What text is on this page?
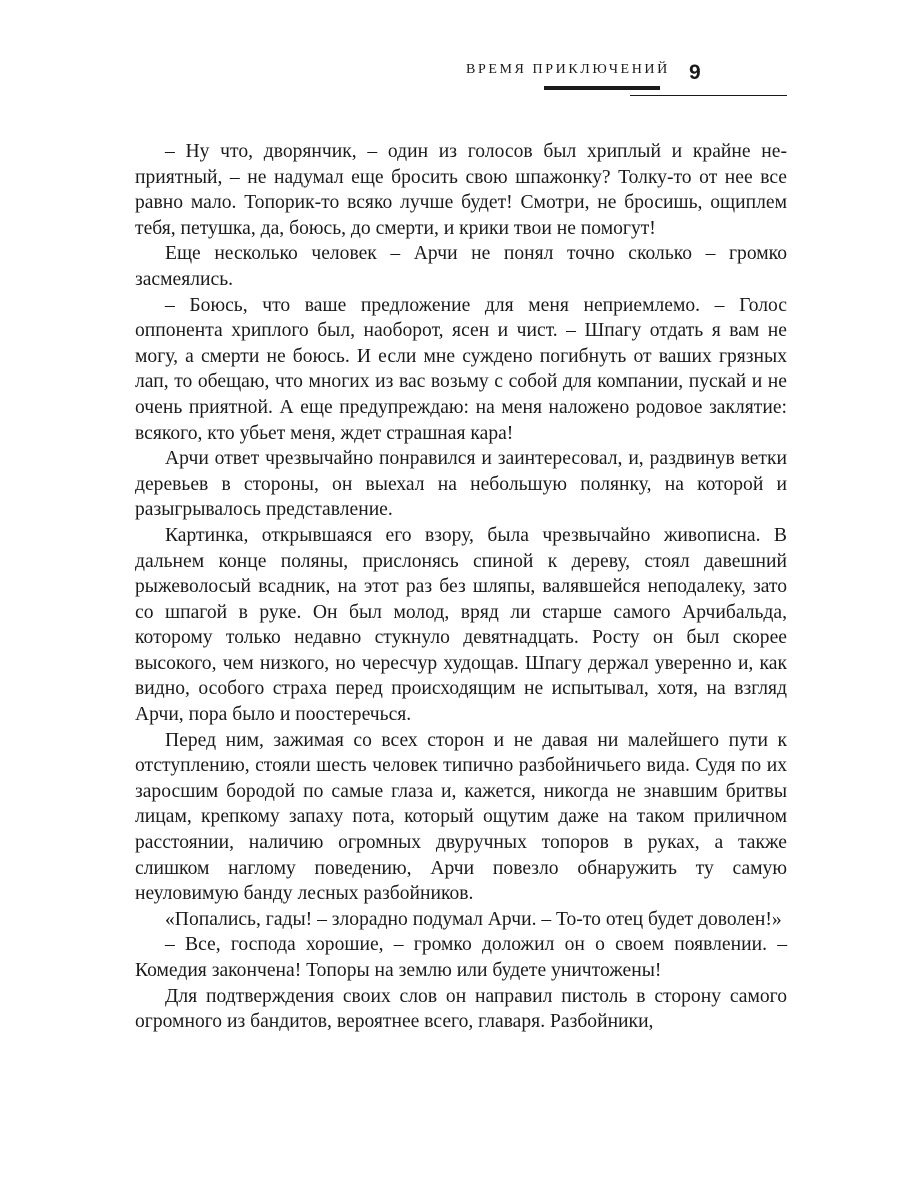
ВРЕМЯ ПРИКЛЮЧЕНИЙ 9

– Ну что, дворянчик, – один из голосов был хриплый и крайне неприятный, – не надумал еще бросить свою шпажонку? Толку-то от нее все равно мало. Топорик-то всяко лучше будет! Смотри, не бросишь, ощиплем тебя, петушка, да, боюсь, до смерти, и крики твои не помогут!

Еще несколько человек – Арчи не понял точно сколько – громко засмеялись.

– Боюсь, что ваше предложение для меня неприемлемо. – Голос оппонента хриплого был, наоборот, ясен и чист. – Шпагу отдать я вам не могу, а смерти не боюсь. И если мне суждено погибнуть от ваших грязных лап, то обещаю, что многих из вас возьму с собой для компании, пускай и не очень приятной. А еще предупреждаю: на меня наложено родовое заклятие: всякого, кто убьет меня, ждет страшная кара!

Арчи ответ чрезвычайно понравился и заинтересовал, и, раздвинув ветки деревьев в стороны, он выехал на небольшую полянку, на которой и разыгрывалось представление.

Картинка, открывшаяся его взору, была чрезвычайно живописна. В дальнем конце поляны, прислонясь спиной к дереву, стоял давешний рыжеволосый всадник, на этот раз без шляпы, валявшейся неподалеку, зато со шпагой в руке. Он был молод, вряд ли старше самого Арчибальда, которому только недавно стукнуло девятнадцать. Росту он был скорее высокого, чем низкого, но чересчур худощав. Шпагу держал уверенно и, как видно, особого страха перед происходящим не испытывал, хотя, на взгляд Арчи, пора было и поостеречься.

Перед ним, зажимая со всех сторон и не давая ни малейшего пути к отступлению, стояли шесть человек типично разбойничьего вида. Судя по их заросшим бородой по самые глаза и, кажется, никогда не знавшим бритвы лицам, крепкому запаху пота, который ощутим даже на таком приличном расстоянии, наличию огромных двуручных топоров в руках, а также слишком наглому поведению, Арчи повезло обнаружить ту самую неуловимую банду лесных разбойников.

«Попались, гады! – злорадно подумал Арчи. – То-то отец будет доволен!»

– Все, господа хорошие, – громко доложил он о своем появлении. – Комедия закончена! Топоры на землю или будете уничтожены!

Для подтверждения своих слов он направил пистоль в сторону самого огромного из бандитов, вероятнее всего, главаря. Разбойники,
